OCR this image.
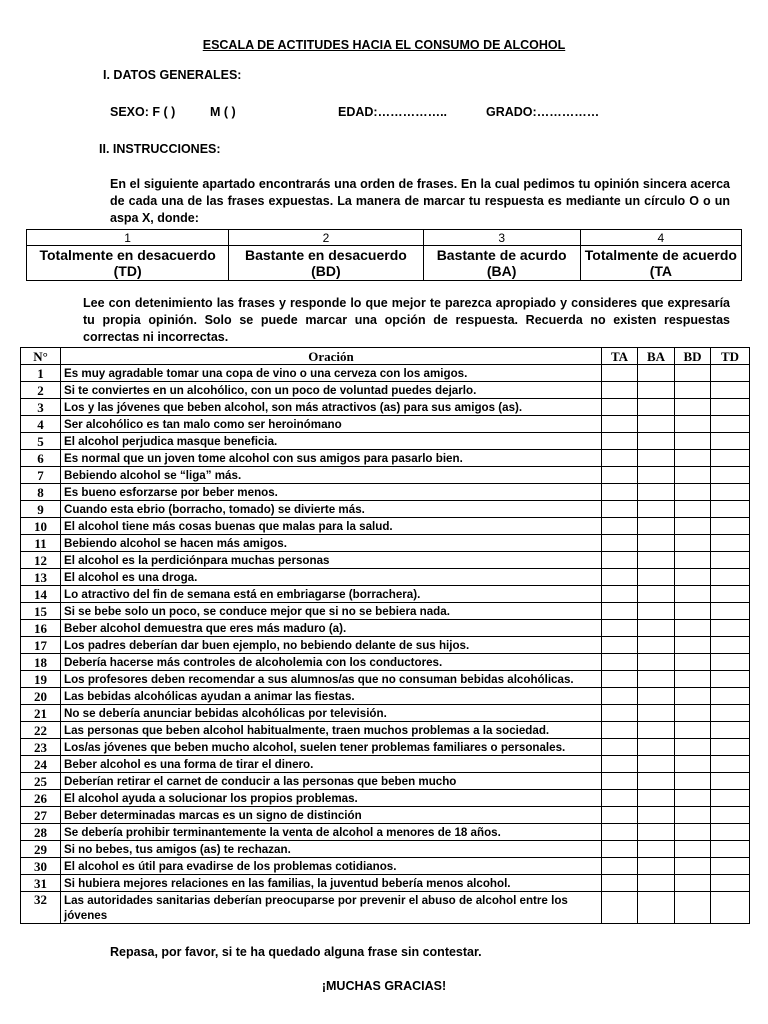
ESCALA DE ACTITUDES HACIA EL CONSUMO DE ALCOHOL
I. DATOS GENERALES:
SEXO: F ( )	M ( )	EDAD:……………..	GRADO:……………
II. INSTRUCCIONES:
En el siguiente apartado encontrarás una orden de frases. En la cual pedimos tu opinión sincera acerca de cada una de las frases expuestas. La manera de marcar tu respuesta es mediante un círculo O o un aspa X, donde:
1	2	3	4
Totalmente en desacuerdo (TD)	Bastante en desacuerdo (BD)	Bastante de acurdo (BA)	Totalmente de acuerdo (TA
Lee con detenimiento las frases y responde lo que mejor te parezca apropiado y consideres que expresaría tu propia opinión. Solo se puede marcar una opción de respuesta. Recuerda no existen respuestas correctas ni incorrectas.
N°	Oración	TA	BA	BD	TD
1	Es muy agradable tomar una copa de vino o una cerveza con los amigos.				
2	Si te conviertes en un alcohólico, con un poco de voluntad puedes dejarlo.				
3	Los y las jóvenes que beben alcohol, son más atractivos (as) para sus amigos (as).				
4	Ser alcohólico es tan malo como ser heroinómano				
5	El alcohol perjudica masque beneficia.				
6	Es normal que un joven tome alcohol con sus amigos para pasarlo bien.				
7	Bebiendo alcohol se “liga” más.				
8	Es bueno esforzarse por beber menos.				
9	Cuando esta ebrio (borracho, tomado) se divierte más.				
10	El alcohol tiene más cosas buenas que malas para la salud.				
11	Bebiendo alcohol se hacen más amigos.				
12	El alcohol es la perdiciónpara muchas personas				
13	El alcohol es una droga.				
14	Lo atractivo del fin de semana está en embriagarse (borrachera).				
15	Si se bebe solo un poco, se conduce mejor que si no se bebiera nada.				
16	Beber alcohol demuestra que eres más maduro (a).				
17	Los padres deberían dar buen ejemplo, no bebiendo delante de sus hijos.				
18	Debería hacerse más controles de alcoholemia con los conductores.				
19	Los profesores deben recomendar a sus alumnos/as que no consuman bebidas alcohólicas.				
20	Las bebidas alcohólicas ayudan a animar las fiestas.				
21	No se debería anunciar bebidas alcohólicas por televisión.				
22	Las personas que beben alcohol habitualmente, traen muchos problemas a la sociedad.				
23	Los/as jóvenes que beben mucho alcohol, suelen tener problemas familiares o personales.				
24	Beber alcohol es una forma de tirar el dinero.				
25	Deberían retirar el carnet de conducir a las personas que beben mucho				
26	El alcohol ayuda a solucionar los propios problemas.				
27	Beber determinadas marcas es un signo de distinción				
28	Se debería prohibir terminantemente la venta de alcohol a menores de 18 años.				
29	Si no bebes, tus amigos (as) te rechazan.				
30	El alcohol es útil para evadirse de los problemas cotidianos.				
31	Si hubiera mejores relaciones en las familias, la juventud bebería menos alcohol.				
32	Las autoridades sanitarias deberían preocuparse por prevenir el abuso de alcohol entre los jóvenes				
Repasa, por favor, si te ha quedado alguna frase sin contestar.
¡MUCHAS GRACIAS!
